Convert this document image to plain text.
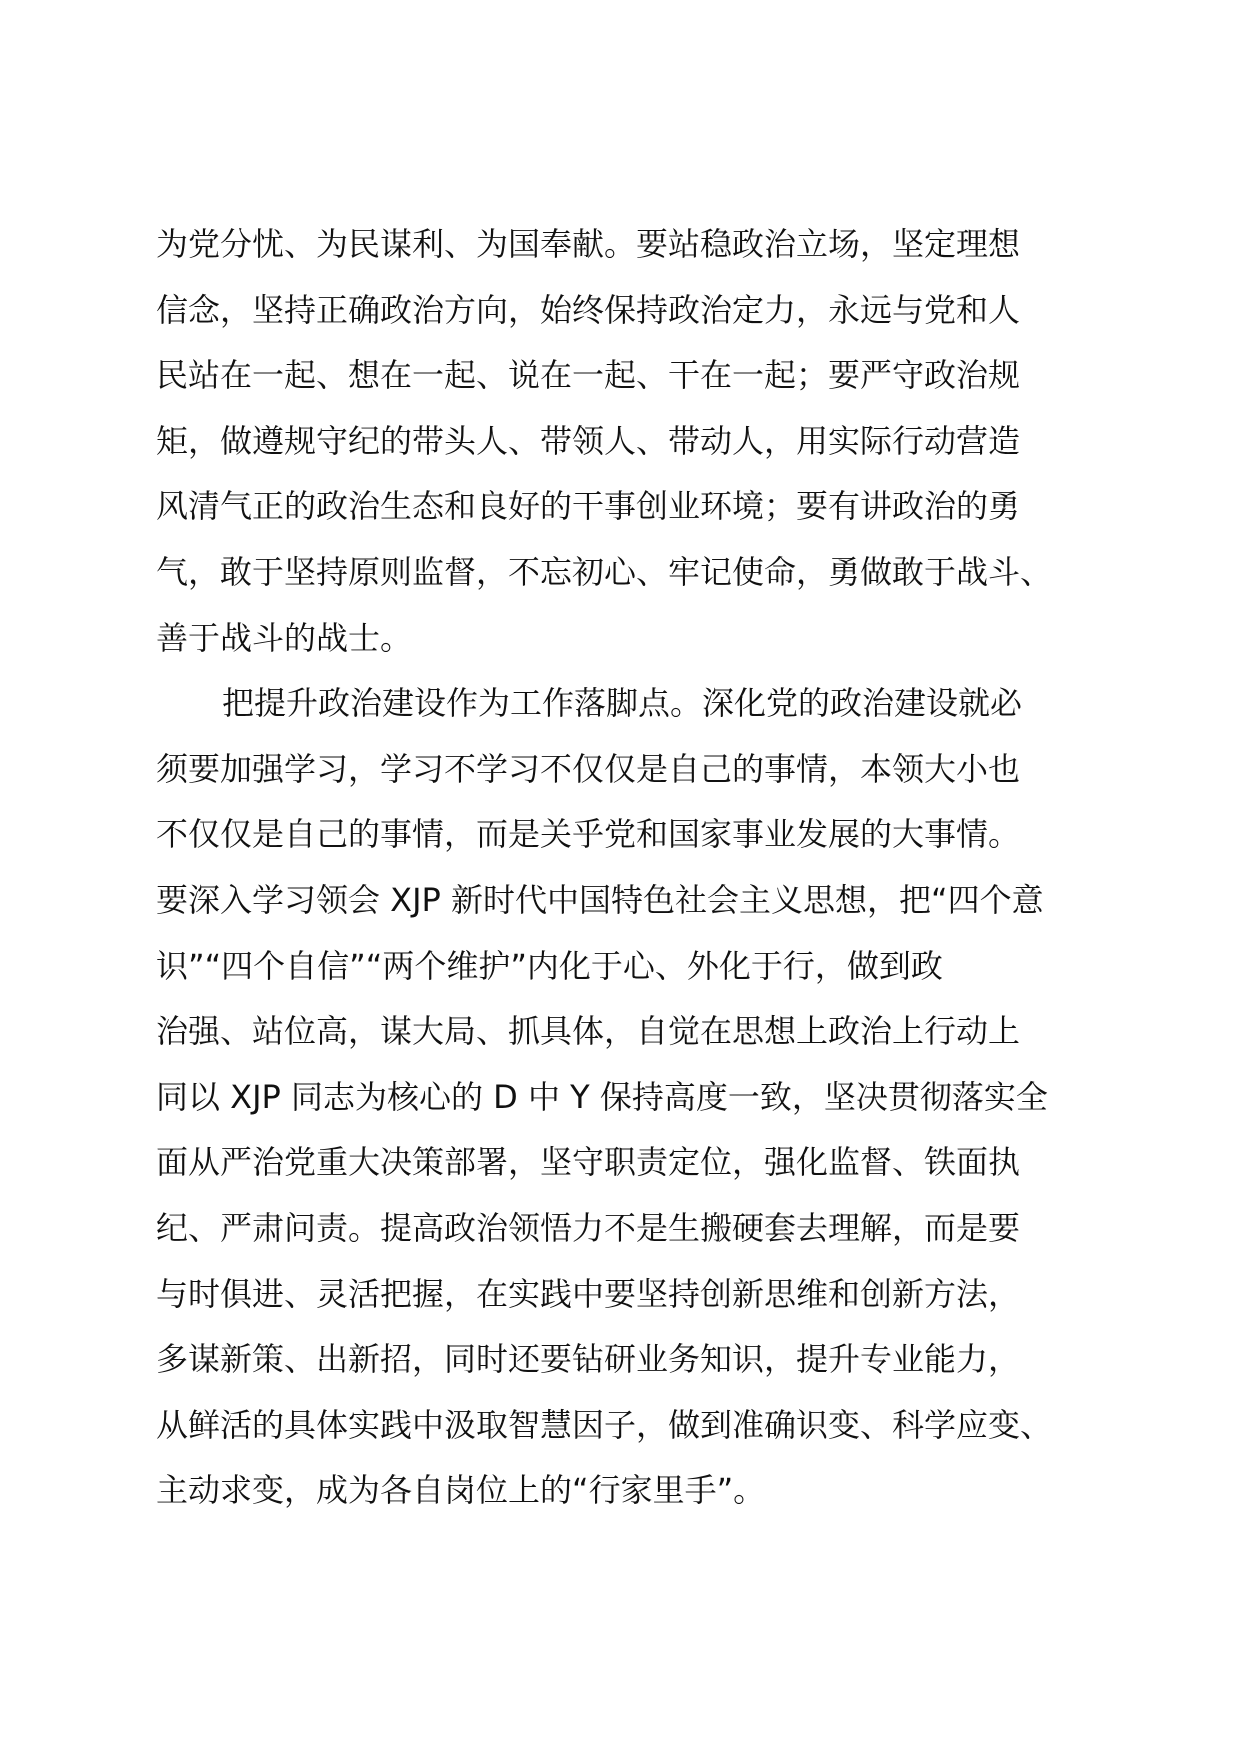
为党分忧、为民谋利、为国奉献。要站稳政治立场，坚定理想
信念，坚持正确政治方向，始终保持政治定力，永远与党和人
民站在一起、想在一起、说在一起、干在一起；要严守政治规
矩，做遵规守纪的带头人、带领人、带动人，用实际行动营造
风清气正的政治生态和良好的干事创业环境；要有讲政治的勇
气，敢于坚持原则监督，不忘初心、牢记使命，勇做敢于战斗、
善于战斗的战士。
把提升政治建设作为工作落脚点。深化党的政治建设就必
须要加强学习，学习不学习不仅仅是自己的事情，本领大小也
不仅仅是自己的事情，而是关乎党和国家事业发展的大事情。
要深入学习领会 XJP 新时代中国特色社会主义思想，把“四个意
识”“四个自信”“两个维护”内化于心、外化于行，做到政
治强、站位高，谋大局、抓具体，自觉在思想上政治上行动上
同以 XJP 同志为核心的 D 中 Y 保持高度一致，坚决贯彻落实全
面从严治党重大决策部署，坚守职责定位，强化监督、铁面执
纪、严肃问责。提高政治领悟力不是生搬硬套去理解，而是要
与时俱进、灵活把握，在实践中要坚持创新思维和创新方法，
多谋新策、出新招，同时还要钻研业务知识，提升专业能力，
从鲜活的具体实践中汲取智慧因子，做到准确识变、科学应变、
主动求变，成为各自岗位上的“行家里手”。
